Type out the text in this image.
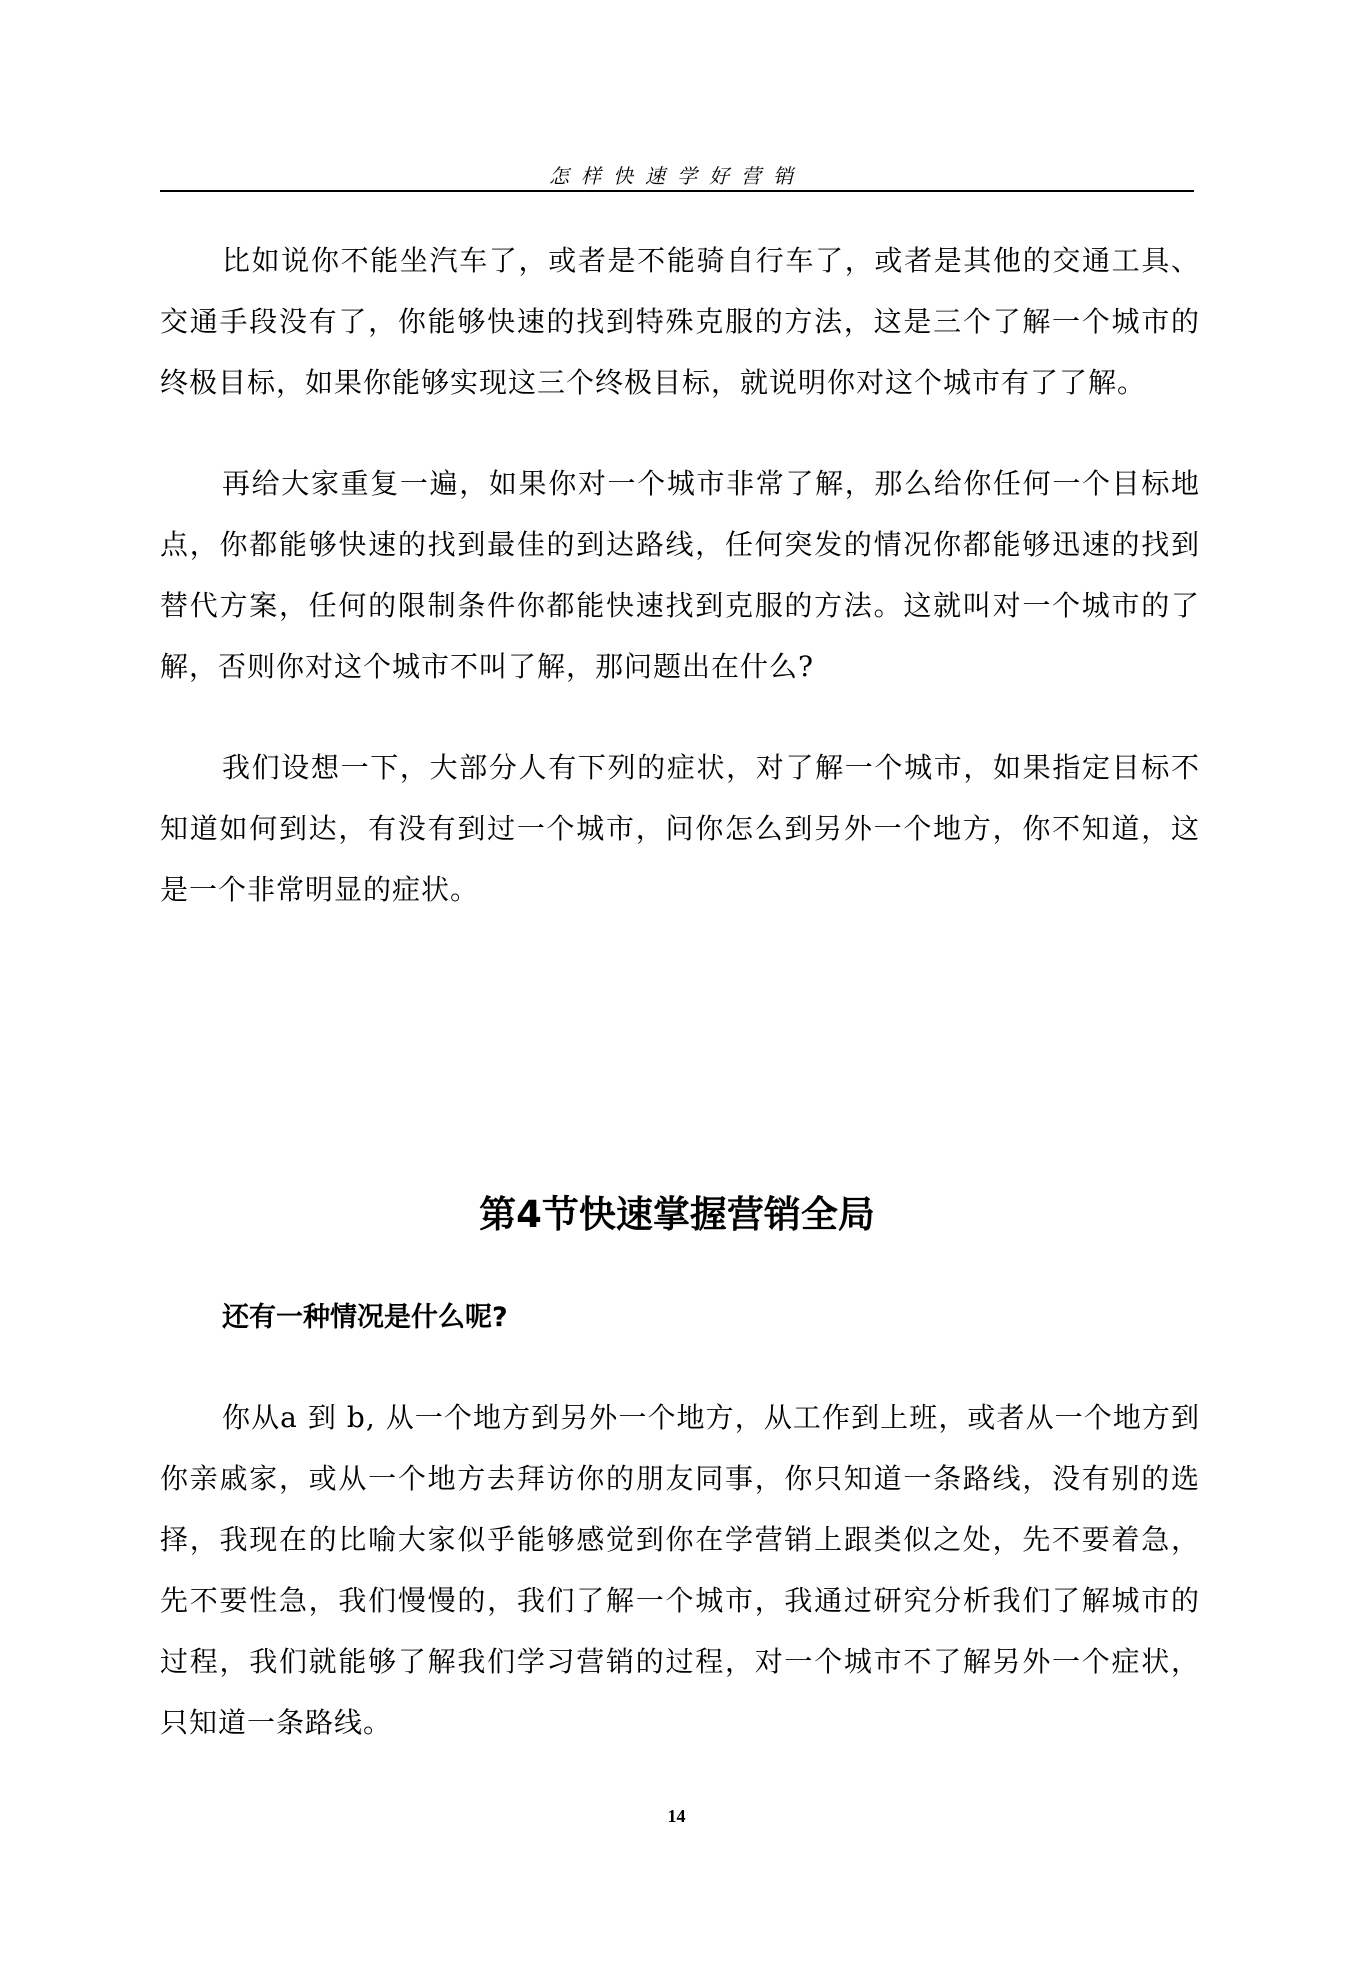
怎样快速学好营销

比如说你不能坐汽车了，或者是不能骑自行车了，或者是其他的交通工具、交通手段没有了，你能够快速的找到特殊克服的方法，这是三个了解一个城市的终极目标，如果你能够实现这三个终极目标，就说明你对这个城市有了了解。

再给大家重复一遍，如果你对一个城市非常了解，那么给你任何一个目标地点，你都能够快速的找到最佳的到达路线，任何突发的情况你都能够迅速的找到替代方案，任何的限制条件你都能快速找到克服的方法。这就叫对一个城市的了解，否则你对这个城市不叫了解，那问题出在什么?

我们设想一下，大部分人有下列的症状，对了解一个城市，如果指定目标不知道如何到达，有没有到过一个城市，问你怎么到另外一个地方，你不知道，这是一个非常明显的症状。

第4节快速掌握营销全局
还有一种情况是什么呢?

你从a 到 b, 从一个地方到另外一个地方，从工作到上班，或者从一个地方到你亲戚家，或从一个地方去拜访你的朋友同事，你只知道一条路线，没有别的选择，我现在的比喻大家似乎能够感觉到你在学营销上跟类似之处，先不要着急，先不要性急，我们慢慢的，我们了解一个城市，我通过研究分析我们了解城市的过程，我们就能够了解我们学习营销的过程，对一个城市不了解另外一个症状，只知道一条路线。

14
